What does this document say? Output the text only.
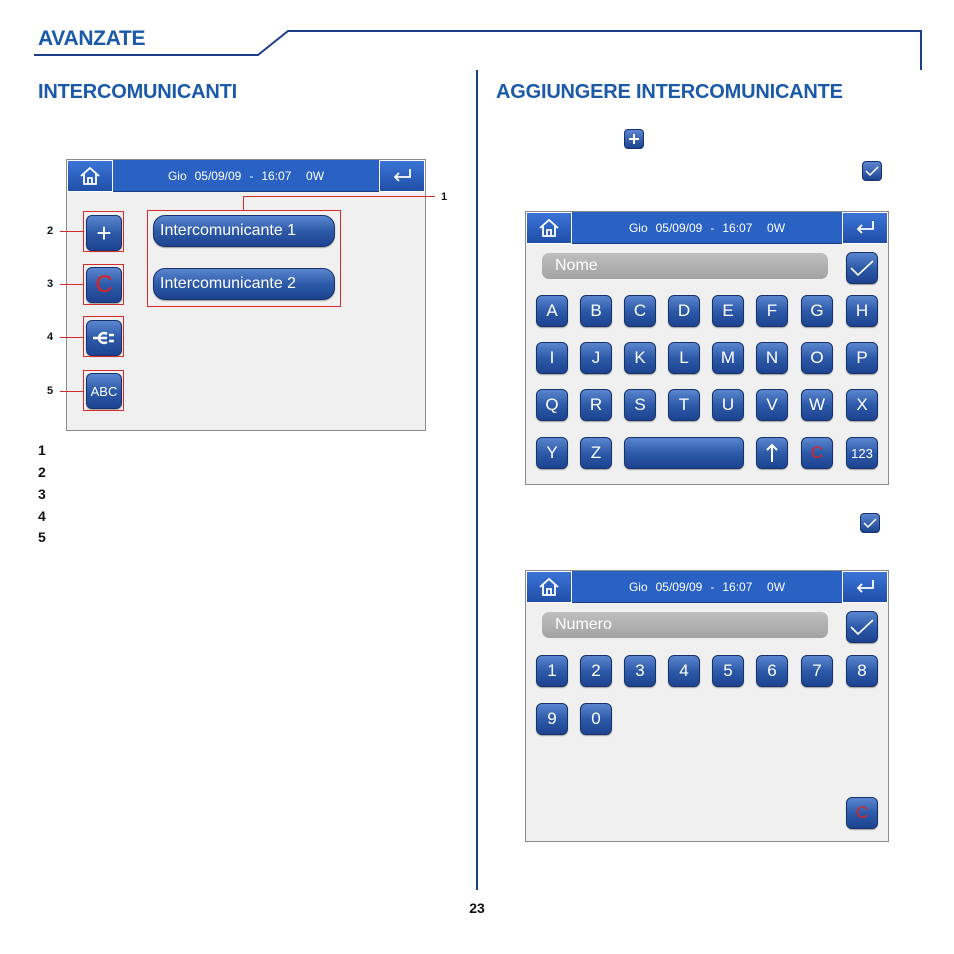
AVANZATE
INTERCOMUNICANTI
Gio 05/09/09 - 16:07 0W
+
C
ABC
Intercomunicante 1
Intercomunicante 2
1
2
3
4
5
1
2
3
4
5
AGGIUNGERE INTERCOMUNICANTE
Gio 05/09/09 - 16:07 0W
Nome
A	B	C	D	E	F	G	H
I	J	K	L	M	N	O	P
Q	R	S	T	U	V	W	X
Y	Z	C	123
Gio 05/09/09 - 16:07 0W
Numero
1	2	3	4	5	6	7	8
9	0
C
23
